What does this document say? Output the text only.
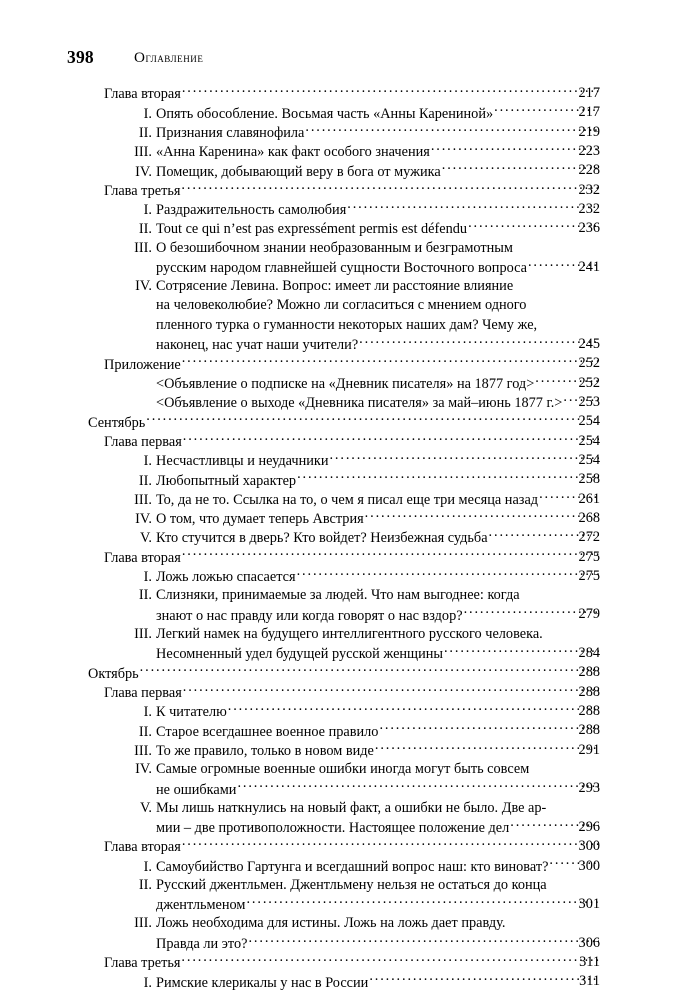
398	оглавление
Глава вторая . . .	217
I . Опять обособление. Восьмая часть «Анны Карениной» . . .	217
II . Признания славянофила . . .	219
III . «Анна Каренина» как факт особого значения . . .	223
IV . Помещик, добывающий веру в бога от мужика . . .	228
Глава третья . . .	232
I . Раздражительность самолюбия . . .	232
II . Tout ce qui n’est pas expressément permis est défendu . . .	236
III . О безошибочном знании необразованным и безграмотным
русским народом главнейшей сущности Восточного вопроса . . .	241
IV . Сотрясение Левина. Вопрос: имеет ли расстояние влияние
на человеколюбие? Можно ли согласиться с мнением одного
пленного турка о гуманности некоторых наших дам? Чему же,
наконец, нас учат наши учители? . . .	245
Приложение . . .	252
<Объявление о подписке на «Дневник писателя» на 1877 год> . . .	252
<Объявление о выходе «Дневника писателя» за май–июнь 1877 г.> . . .	253
Сентябрь . . .	254
Глава первая . . .	254
I . Несчастливцы и неудачники . . .	254
II . Любопытный характер . . .	258
III . То, да не то. Ссылка на то, о чем я писал еще три месяца назад . . .	261
IV . О том, что думает теперь Австрия . . .	268
V . Кто стучится в дверь? Кто войдет? Неизбежная судьба . . .	272
Глава вторая . . .	275
I . Ложь ложью спасается . . .	275
II . Слизняки, принимаемые за людей. Что нам выгоднее: когда
знают о нас правду или когда говорят о нас вздор? . . .	279
III . Легкий намек на будущего интеллигентного русского человека.
Несомненный удел будущей русской женщины . . .	284
Октябрь . . .	288
Глава первая . . .	288
I . К читателю . . .	288
II . Старое всегдашнее военное правило . . .	288
III . То же правило, только в новом виде . . .	291
IV . Самые огромные военные ошибки иногда могут быть совсем
не ошибками . . .	293
V . Мы лишь наткнулись на новый факт, а ошибки не было. Две ар-
мии – две противоположности. Настоящее положение дел . . .	296
Глава вторая . . .	300
I . Самоубийство Гартунга и всегдашний вопрос наш: кто виноват? . . .	300
II . Русский джентльмен. Джентльмену нельзя не остаться до конца
джентльменом . . .	301
III . Ложь необходима для истины. Ложь на ложь дает правду.
Правда ли это? . . .	306
Глава третья . . .	311
I . Римские клерикалы у нас в России . . .	311
